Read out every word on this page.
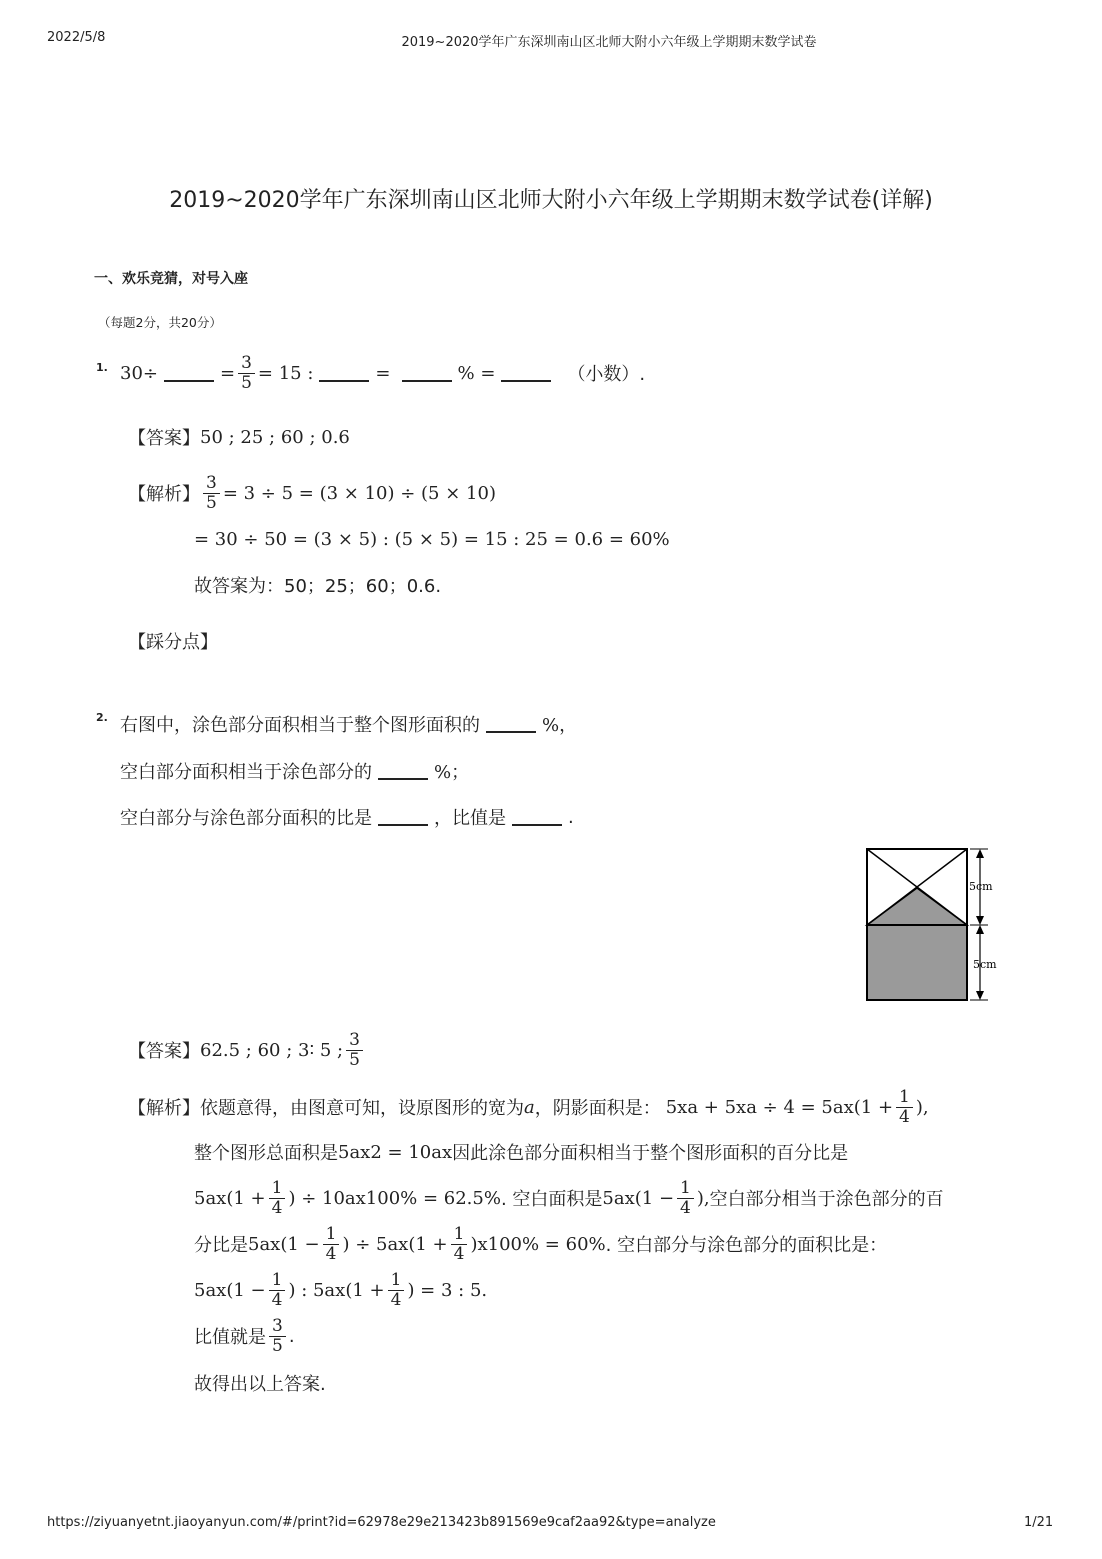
2022/5/8	2019~2020学年广东深圳南山区北师大附小六年级上学期期末数学试卷
2019~2020学年广东深圳南山区北师大附小六年级上学期期末数学试卷(详解)
一、欢乐竞猜，对号入座
（每题2分，共20分）
1. 30÷	= $\frac{3}{5} = 15$ :	=	% =	（小数）.
【答案】 50 ; 25 ; 60 ; 0.6
【解析】 $\frac{3}{5} = 3 \div 5 = (3 \times 10) \div (5 \times 10)$
= 30 ÷ 50 = (3 × 5) : (5 × 5) = 15 : 25 = 0.6 = 60%
故答案为：50；25；60；0.6.
【踩分点】
2. 右图中，涂色部分面积相当于整个图形面积的	%，
空白部分面积相当于涂色部分的	%；
空白部分与涂色部分面积的比是	，比值是	.
5cm
5cm
【答案】 62.5 ; 60 ; 3∶ 5 ; $\frac{3}{5}$
【解析】 依题意得，由图意可知，设原图形的宽为 a ，阴影面积是： $5xa + 5xa \div 4 = 5ax(1 + \frac{1}{4}$ ),
整个图形总面积是 5ax2 = 10ax 因此涂色部分面积相当于整个图形面积的百分比是
$5ax(1 + \frac{1}{4}$ ) ÷ 10ax100% = 62.5% . 空白面积是 $5ax(1 - \frac{1}{4}$ ), 空白部分相当于涂色部分的百
分比是 $5ax(1 - \frac{1}{4}$ ) ÷ $5ax(1 + \frac{1}{4} )x100\% = 60\%$ . 空白部分与涂色部分的面积比是：
$5ax(1 - \frac{1}{4}$ ) : $5ax(1 + \frac{1}{4}$ ) = 3 : 5.
比值就是 $\frac{3}{5}$ .
故得出以上答案.
https://ziyuanyetnt.jiaoyanyun.com/#/print?id=62978e29e213423b891569e9caf2aa92&type=analyze	1/21
